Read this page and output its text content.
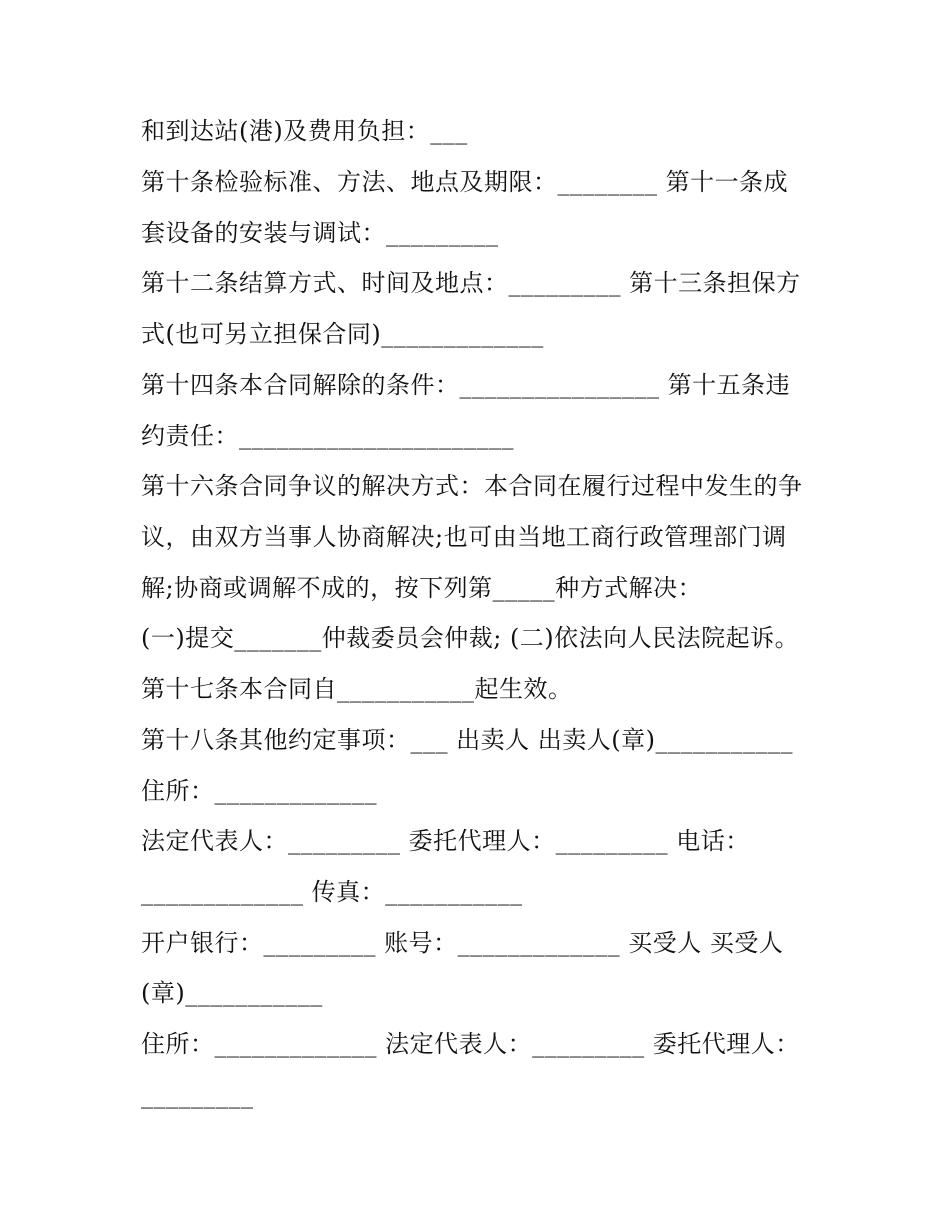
和到达站(港)及费用负担：___
第十条检验标准、方法、地点及期限：________ 第十一条成
套设备的安装与调试：_________
第十二条结算方式、时间及地点：_________ 第十三条担保方
式(也可另立担保合同)_____________
第十四条本合同解除的条件：________________ 第十五条违
约责任：______________________
第十六条合同争议的解决方式：本合同在履行过程中发生的争
议，由双方当事人协商解决;也可由当地工商行政管理部门调
解;协商或调解不成的，按下列第_____种方式解决：
(一)提交_______仲裁委员会仲裁; (二)依法向人民法院起诉。
第十七条本合同自___________起生效。
第十八条其他约定事项：___ 出卖人 出卖人(章)___________
住所：_____________
法定代表人：_________ 委托代理人：_________ 电话：
_____________ 传真：___________
开户银行：_________ 账号：_____________ 买受人 买受人
(章)___________
住所：_____________ 法定代表人：_________ 委托代理人：
_________
